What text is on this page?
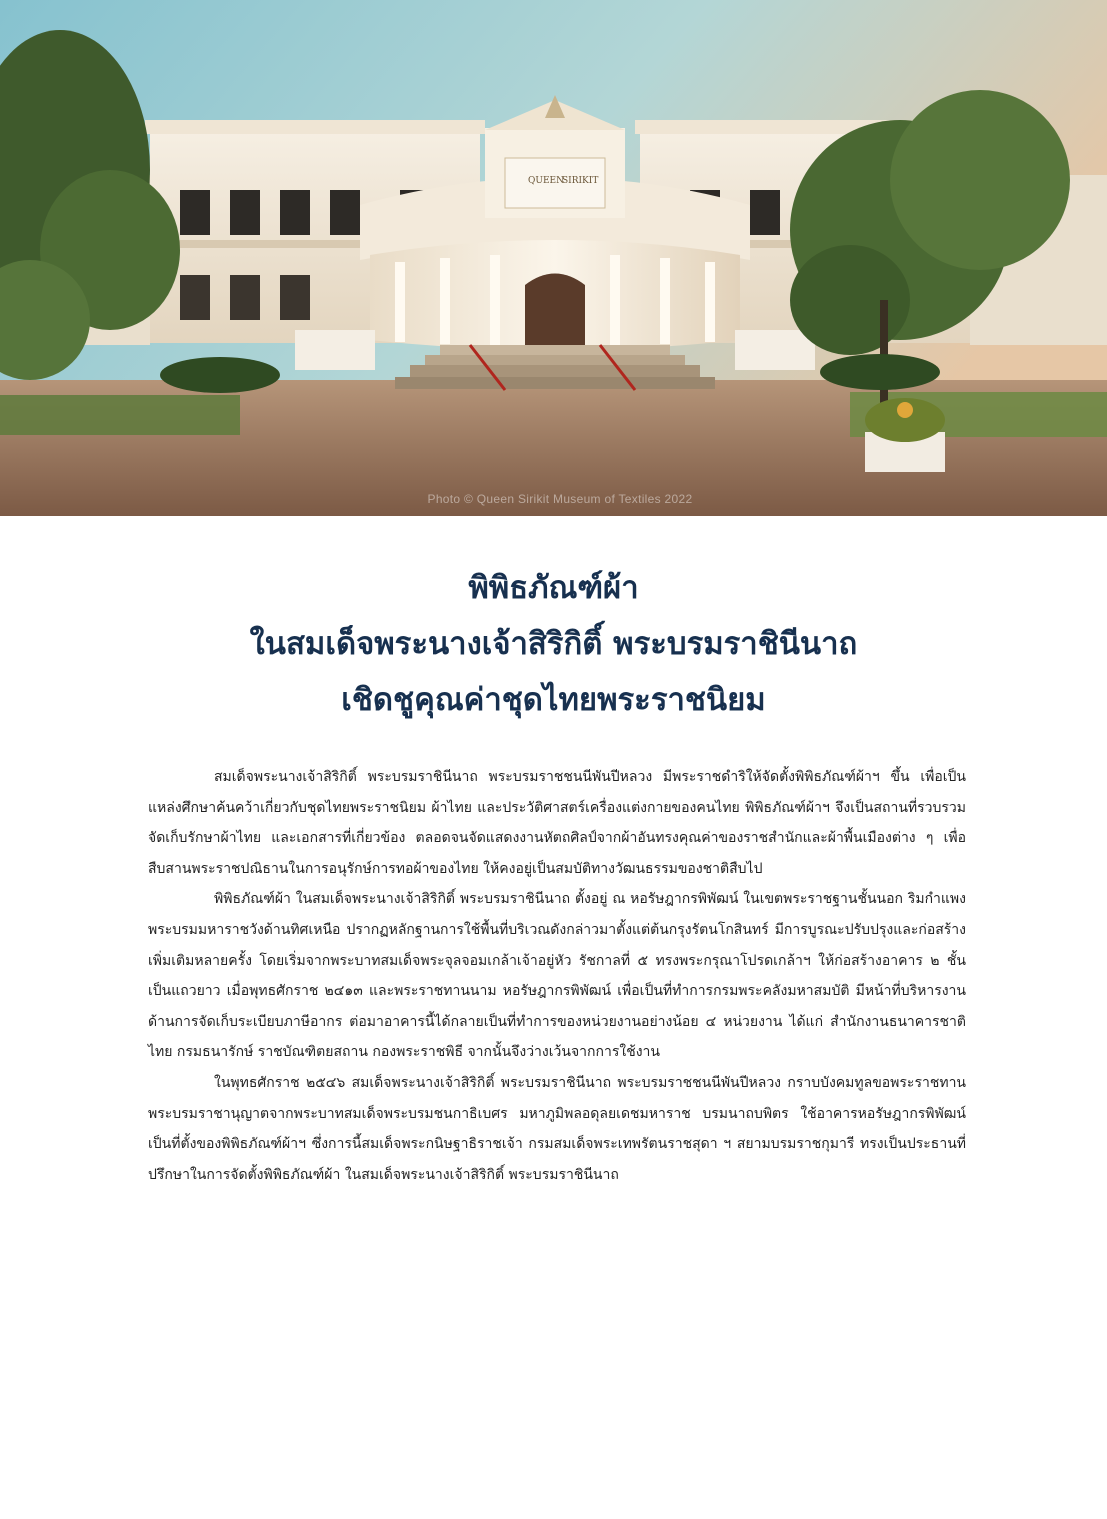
QUEEN
SIRIKIT
Photo © Queen Sirikit Museum of Textiles 2022
พิพิธภัณฑ์ผ้า
ในสมเด็จพระนางเจ้าสิริกิติ์ พระบรมราชินีนาถ
เชิดชูคุณค่าชุดไทยพระราชนิยม

สมเด็จพระนางเจ้าสิริกิติ์ พระบรมราชินีนาถ พระบรมราชชนนีพันปีหลวง มีพระราชดำริให้จัดตั้งพิพิธภัณฑ์ผ้าฯ ขึ้น เพื่อเป็นแหล่งศึกษาค้นคว้าเกี่ยวกับชุดไทยพระราชนิยม ผ้าไทย และประวัติศาสตร์เครื่องแต่งกายของคนไทย พิพิธภัณฑ์ผ้าฯ จึงเป็นสถานที่รวบรวมจัดเก็บรักษาผ้าไทย และเอกสารที่เกี่ยวข้อง ตลอดจนจัดแสดงงานหัตถศิลป์จากผ้าอันทรงคุณค่าของราชสำนักและผ้าพื้นเมืองต่าง ๆ เพื่อสืบสานพระราชปณิธานในการอนุรักษ์การทอผ้าของไทย ให้คงอยู่เป็นสมบัติทางวัฒนธรรมของชาติสืบไป

พิพิธภัณฑ์ผ้า ในสมเด็จพระนางเจ้าสิริกิติ์ พระบรมราชินีนาถ ตั้งอยู่ ณ หอรัษฎากรพิพัฒน์ ในเขตพระราชฐานชั้นนอก ริมกำแพงพระบรมมหาราชวังด้านทิศเหนือ ปรากฏหลักฐานการใช้พื้นที่บริเวณดังกล่าวมาตั้งแต่ต้นกรุงรัตนโกสินทร์ มีการบูรณะปรับปรุงและก่อสร้างเพิ่มเติมหลายครั้ง โดยเริ่มจากพระบาทสมเด็จพระจุลจอมเกล้าเจ้าอยู่หัว รัชกาลที่ ๕ ทรงพระกรุณาโปรดเกล้าฯ ให้ก่อสร้างอาคาร ๒ ชั้นเป็นแถวยาว เมื่อพุทธศักราช ๒๔๑๓ และพระราชทานนาม หอรัษฎากรพิพัฒน์ เพื่อเป็นที่ทำการกรมพระคลังมหาสมบัติ มีหน้าที่บริหารงานด้านการจัดเก็บระเบียบภาษีอากร ต่อมาอาคารนี้ได้กลายเป็นที่ทำการของหน่วยงานอย่างน้อย ๔ หน่วยงาน ได้แก่ สำนักงานธนาคารชาติไทย กรมธนารักษ์ ราชบัณฑิตยสถาน กองพระราชพิธี จากนั้นจึงว่างเว้นจากการใช้งาน

ในพุทธศักราช ๒๕๔๖ สมเด็จพระนางเจ้าสิริกิติ์ พระบรมราชินีนาถ พระบรมราชชนนีพันปีหลวง กราบบังคมทูลขอพระราชทานพระบรมราชานุญาตจากพระบาทสมเด็จพระบรมชนกาธิเบศร มหาภูมิพลอดุลยเดชมหาราช บรมนาถบพิตร ใช้อาคารหอรัษฎากรพิพัฒน์ เป็นที่ตั้งของพิพิธภัณฑ์ผ้าฯ ซึ่งการนี้สมเด็จพระกนิษฐาธิราชเจ้า กรมสมเด็จพระเทพรัตนราชสุดา ฯ สยามบรมราชกุมารี ทรงเป็นประธานที่ปรึกษาในการจัดตั้งพิพิธภัณฑ์ผ้า ในสมเด็จพระนางเจ้าสิริกิติ์ พระบรมราชินีนาถ
